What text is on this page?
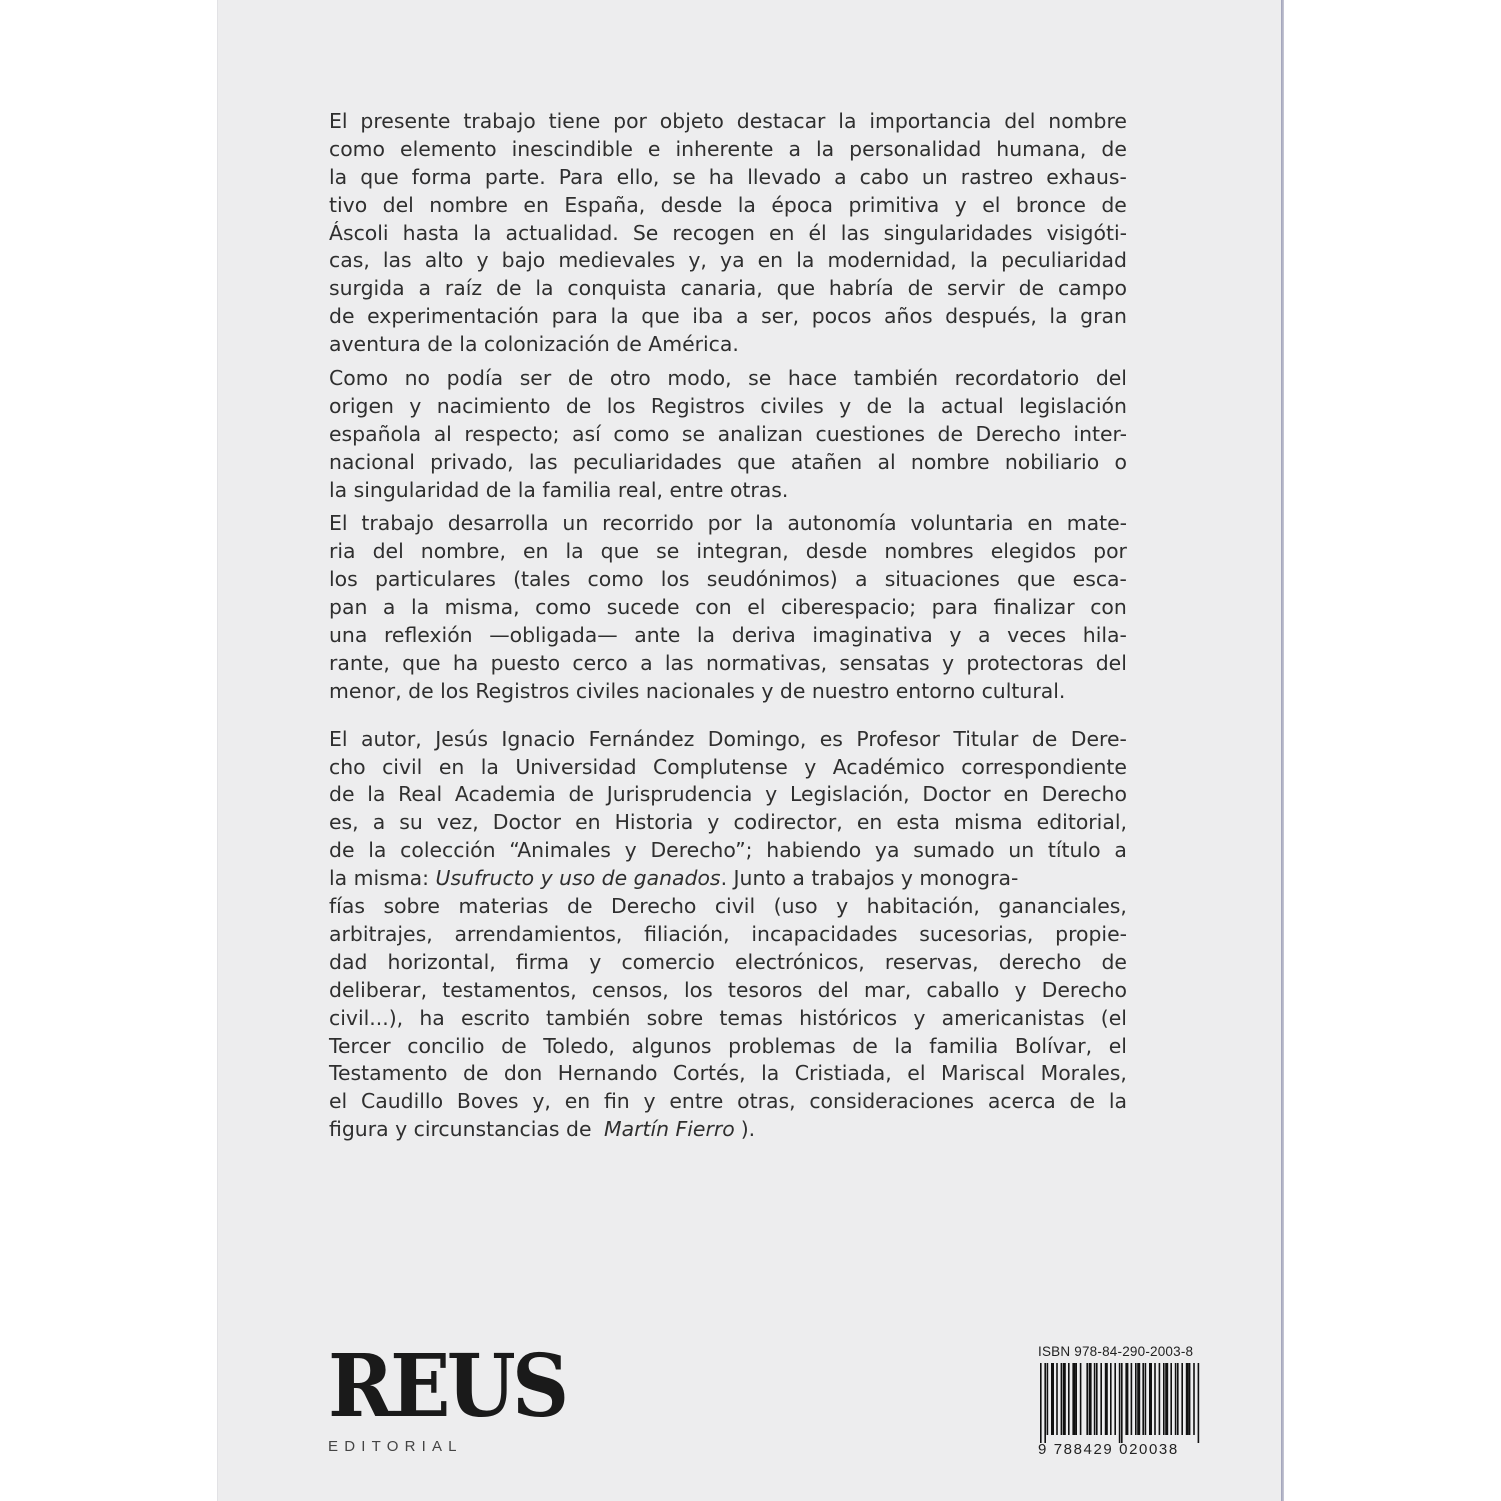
El presente trabajo tiene por objeto destacar la importancia del nombre
como elemento inescindible e inherente a la personalidad humana, de
la que forma parte. Para ello, se ha llevado a cabo un rastreo exhaus-
tivo del nombre en España, desde la época primitiva y el bronce de
Áscoli hasta la actualidad. Se recogen en él las singularidades visigóti-
cas, las alto y bajo medievales y, ya en la modernidad, la peculiaridad
surgida a raíz de la conquista canaria, que habría de servir de campo
de experimentación para la que iba a ser, pocos años después, la gran
aventura de la colonización de América.
Como no podía ser de otro modo, se hace también recordatorio del
origen y nacimiento de los Registros civiles y de la actual legislación
española al respecto; así como se analizan cuestiones de Derecho inter-
nacional privado, las peculiaridades que atañen al nombre nobiliario o
la singularidad de la familia real, entre otras.
El trabajo desarrolla un recorrido por la autonomía voluntaria en mate-
ria del nombre, en la que se integran, desde nombres elegidos por
los particulares (tales como los seudónimos) a situaciones que esca-
pan a la misma, como sucede con el ciberespacio; para finalizar con
una reflexión —obligada— ante la deriva imaginativa y a veces hila-
rante, que ha puesto cerco a las normativas, sensatas y protectoras del
menor, de los Registros civiles nacionales y de nuestro entorno cultural.
El autor, Jesús Ignacio Fernández Domingo, es Profesor Titular de Dere-
cho civil en la Universidad Complutense y Académico correspondiente
de la Real Academia de Jurisprudencia y Legislación, Doctor en Derecho
es, a su vez, Doctor en Historia y codirector, en esta misma editorial,
de la colección “Animales y Derecho”; habiendo ya sumado un título a
la misma: Usufructo y uso de ganados. Junto a trabajos y monogra-
fías sobre materias de Derecho civil (uso y habitación, gananciales,
arbitrajes, arrendamientos, filiación, incapacidades sucesorias, propie-
dad horizontal, firma y comercio electrónicos, reservas, derecho de
deliberar, testamentos, censos, los tesoros del mar, caballo y Derecho
civil...), ha escrito también sobre temas históricos y americanistas (el
Tercer concilio de Toledo, algunos problemas de la familia Bolívar, el
Testamento de don Hernando Cortés, la Cristiada, el Mariscal Morales,
el Caudillo Boves y, en fin y entre otras, consideraciones acerca de la
figura y circunstancias de Martín Fierro ).
REUS
EDITORIAL
ISBN 978-84-290-2003-8
9 788429 020038
